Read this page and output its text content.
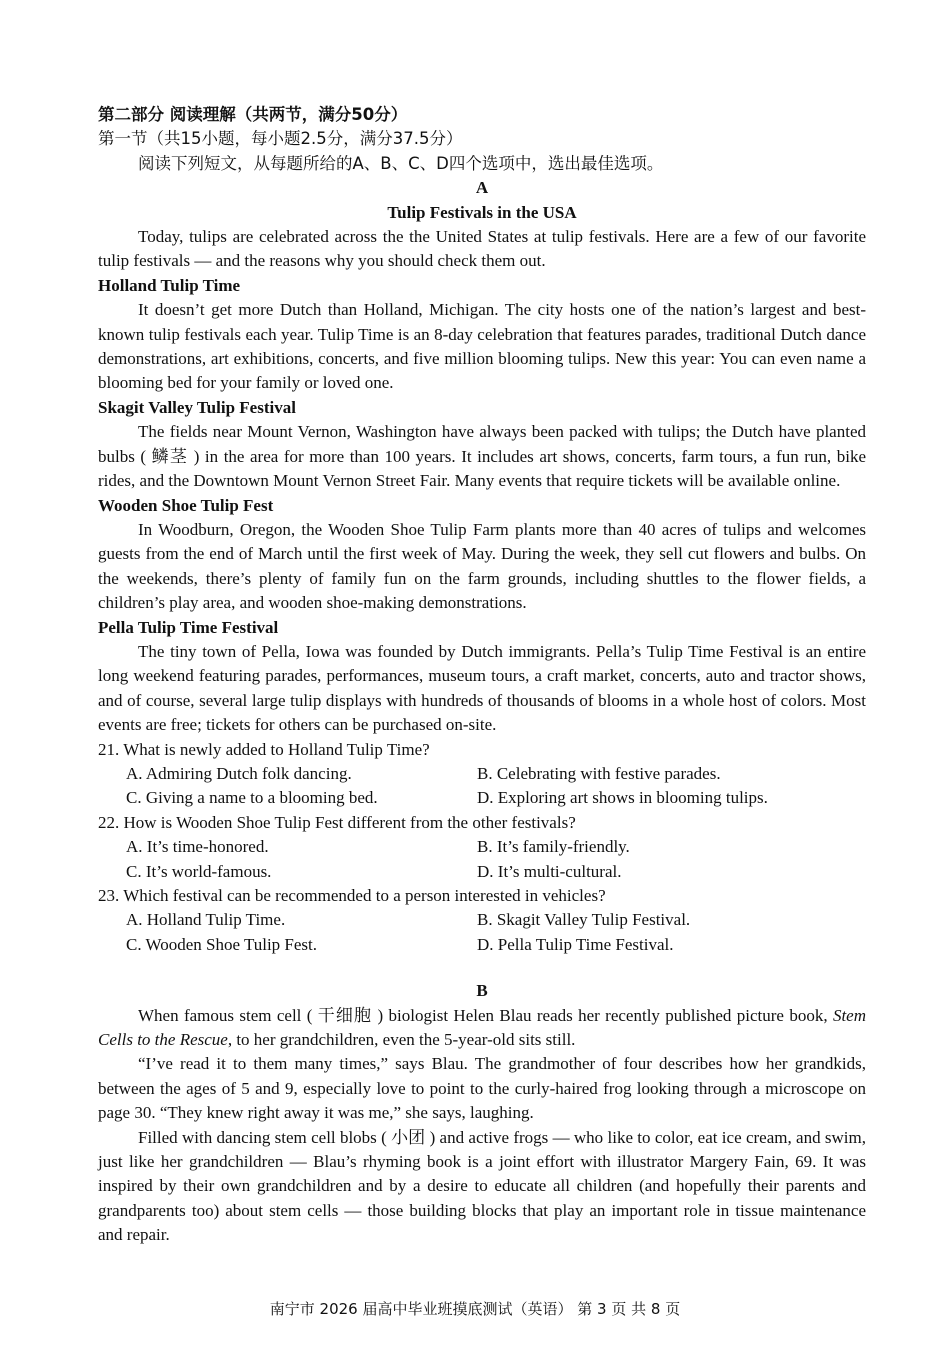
第二部分 阅读理解（共两节，满分50分）

第一节（共15小题，每小题2.5分，满分37.5分）

阅读下列短文，从每题所给的A、B、C、D四个选项中，选出最佳选项。

A

Tulip Festivals in the USA

Today, tulips are celebrated across the the United States at tulip festivals. Here are a few of our favorite tulip festivals — and the reasons why you should check them out.

Holland Tulip Time

It doesn’t get more Dutch than Holland, Michigan. The city hosts one of the nation’s largest and best-known tulip festivals each year. Tulip Time is an 8-day celebration that features parades, traditional Dutch dance demonstrations, art exhibitions, concerts, and five million blooming tulips. New this year: You can even name a blooming bed for your family or loved one.

Skagit Valley Tulip Festival

The fields near Mount Vernon, Washington have always been packed with tulips; the Dutch have planted bulbs ( 鳞茎 ) in the area for more than 100 years. It includes art shows, concerts, farm tours, a fun run, bike rides, and the Downtown Mount Vernon Street Fair. Many events that require tickets will be available online.

Wooden Shoe Tulip Fest

In Woodburn, Oregon, the Wooden Shoe Tulip Farm plants more than 40 acres of tulips and welcomes guests from the end of March until the first week of May. During the week, they sell cut flowers and bulbs. On the weekends, there’s plenty of family fun on the farm grounds, including shuttles to the flower fields, a children’s play area, and wooden shoe-making demonstrations.

Pella Tulip Time Festival

The tiny town of Pella, Iowa was founded by Dutch immigrants. Pella’s Tulip Time Festival is an entire long weekend featuring parades, performances, museum tours, a craft market, concerts, auto and tractor shows, and of course, several large tulip displays with hundreds of thousands of blooms in a whole host of colors. Most events are free; tickets for others can be purchased on-site.

21. What is newly added to Holland Tulip Time?

A. Admiring Dutch folk dancing.	B. Celebrating with festive parades.
C. Giving a name to a blooming bed.	D. Exploring art shows in blooming tulips.

22. How is Wooden Shoe Tulip Fest different from the other festivals?

A. It’s time-honored.	B. It’s family-friendly.
C. It’s world-famous.	D. It’s multi-cultural.

23. Which festival can be recommended to a person interested in vehicles?

A. Holland Tulip Time.	B. Skagit Valley Tulip Festival.
C. Wooden Shoe Tulip Fest.	D. Pella Tulip Time Festival.

B

When famous stem cell ( 干细胞 ) biologist Helen Blau reads her recently published picture book, Stem Cells to the Rescue, to her grandchildren, even the 5-year-old sits still.

“I’ve read it to them many times,” says Blau. The grandmother of four describes how her grandkids, between the ages of 5 and 9, especially love to point to the curly-haired frog looking through a microscope on page 30. “They knew right away it was me,” she says, laughing.

Filled with dancing stem cell blobs ( 小团 ) and active frogs — who like to color, eat ice cream, and swim, just like her grandchildren — Blau’s rhyming book is a joint effort with illustrator Margery Fain, 69. It was inspired by their own grandchildren and by a desire to educate all children (and hopefully their parents and grandparents too) about stem cells — those building blocks that play an important role in tissue maintenance and repair.

南宁市 2026 届高中毕业班摸底测试（英语） 第 3 页 共 8 页
